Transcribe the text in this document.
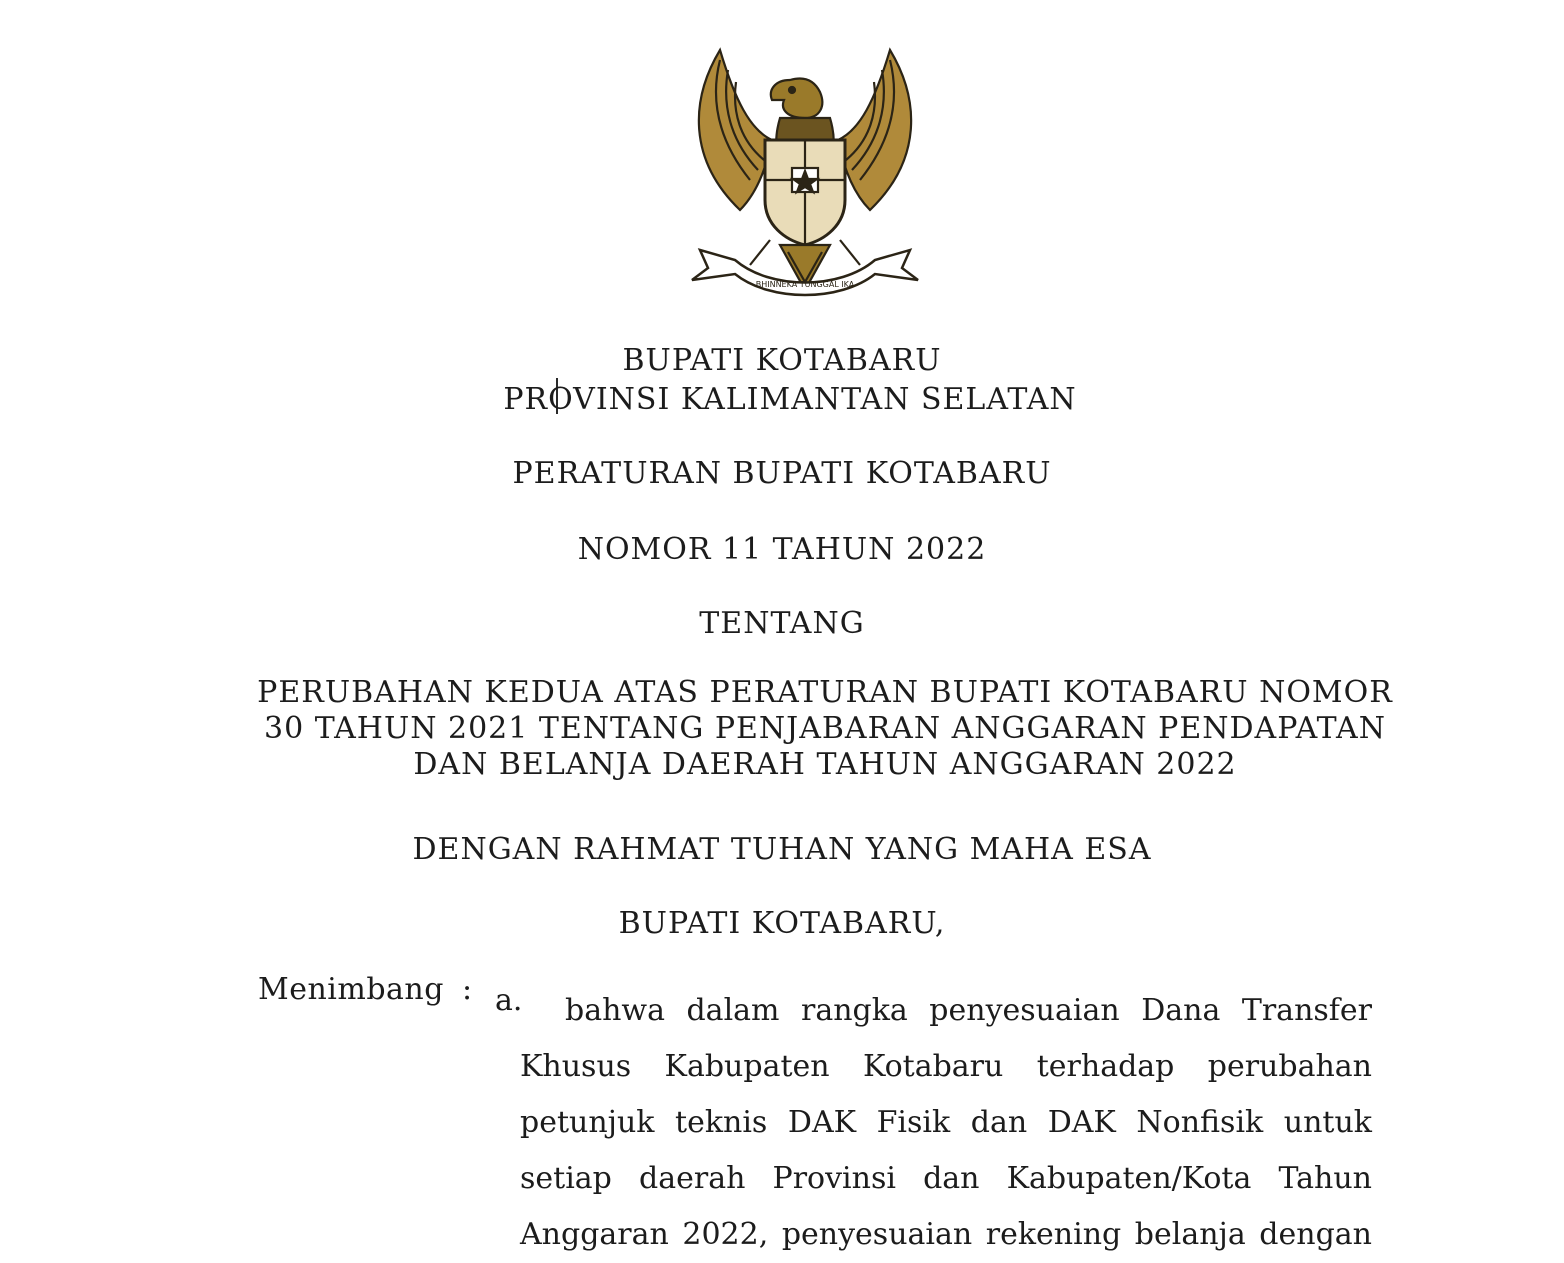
BHINNEKA TUNGGAL IKA
BUPATI KOTABARU
PROVINSI KALIMANTAN SELATAN
PERATURAN BUPATI KOTABARU
NOMOR 11 TAHUN 2022
TENTANG
PERUBAHAN KEDUA ATAS PERATURAN BUPATI KOTABARU NOMOR
30 TAHUN 2021 TENTANG PENJABARAN ANGGARAN PENDAPATAN
DAN BELANJA DAERAH TAHUN ANGGARAN 2022
DENGAN RAHMAT TUHAN YANG MAHA ESA
BUPATI KOTABARU,
Menimbang : a. bahwa dalam rangka penyesuaian Dana Transfer
Khusus Kabupaten Kotabaru terhadap perubahan
petunjuk teknis DAK Fisik dan DAK Nonfisik untuk
setiap daerah Provinsi dan Kabupaten/Kota Tahun
Anggaran 2022, penyesuaian rekening belanja dengan
